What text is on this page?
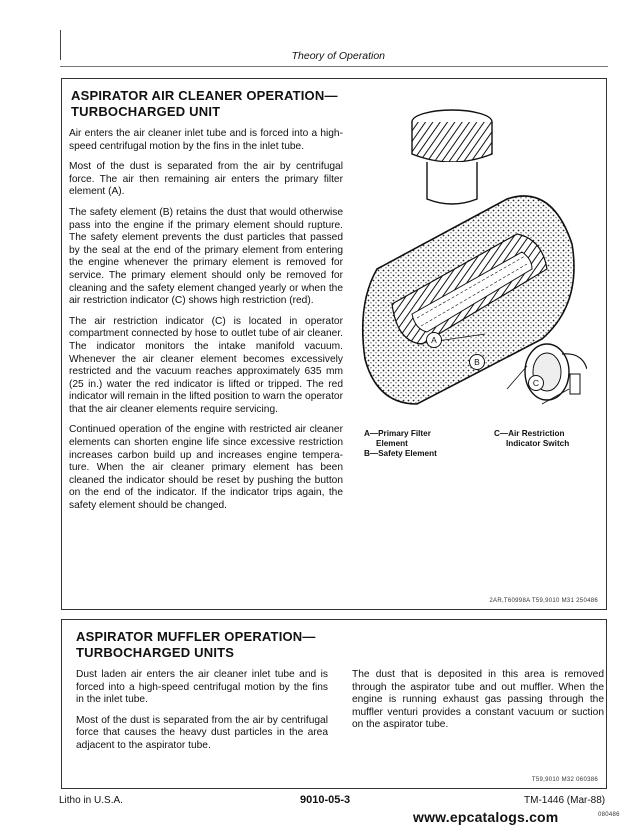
Theory of Operation
ASPIRATOR AIR CLEANER OPERATION—
TURBOCHARGED UNIT

Air enters the air cleaner inlet tube and is forced into a high-speed centrifugal motion by the fins in the inlet tube.

Most of the dust is separated from the air by centrifugal force. The air then remaining air enters the primary filter element (A).

The safety element (B) retains the dust that would otherwise pass into the engine if the primary element should rupture. The safety element prevents the dust particles that passed by the seal at the end of the primary element from entering the engine whenever the primary element is removed for service. The primary element should only be removed for cleaning and the safety element changed yearly or when the air restriction indicator (C) shows high restriction (red).

The air restriction indicator (C) is located in operator compartment connected by hose to outlet tube of air cleaner. The indicator monitors the intake manifold vacuum. Whenever the air cleaner element becomes excessively restricted and the vacuum reaches approximately 635 mm (25 in.) water the red indicator is lifted or tripped. The red indicator will remain in the lifted position to warn the operator that the air cleaner elements require servicing.

Continued operation of the engine with restricted air cleaner elements can shorten engine life since excessive restriction increases carbon build up and increases engine tempera-ture. When the air cleaner primary element has been cleaned the indicator should be reset by pushing the button on the end of the indicator. If the indicator trips again, the safety element should be changed.

A
B
C
A—Primary Filter
Element
B—Safety Element
C—Air Restriction
Indicator Switch
2AR,T60998A T59,9010 M31 250486
ASPIRATOR MUFFLER OPERATION—
TURBOCHARGED UNITS

Dust laden air enters the air cleaner inlet tube and is forced into a high-speed centrifugal motion by the fins in the inlet tube.

Most of the dust is separated from the air by centrifugal force that causes the heavy dust particles in the area adjacent to the aspirator tube.

The dust that is deposited in this area is removed through the aspirator tube and out muffler. When the engine is running exhaust gas passing through the muffler venturi provides a constant vacuum or suction on the aspirator tube.

T59,9010 M32 060386
Litho in U.S.A.	9010-05-3	TM-1446 (Mar-88)
www.epcatalogs.com	080486
